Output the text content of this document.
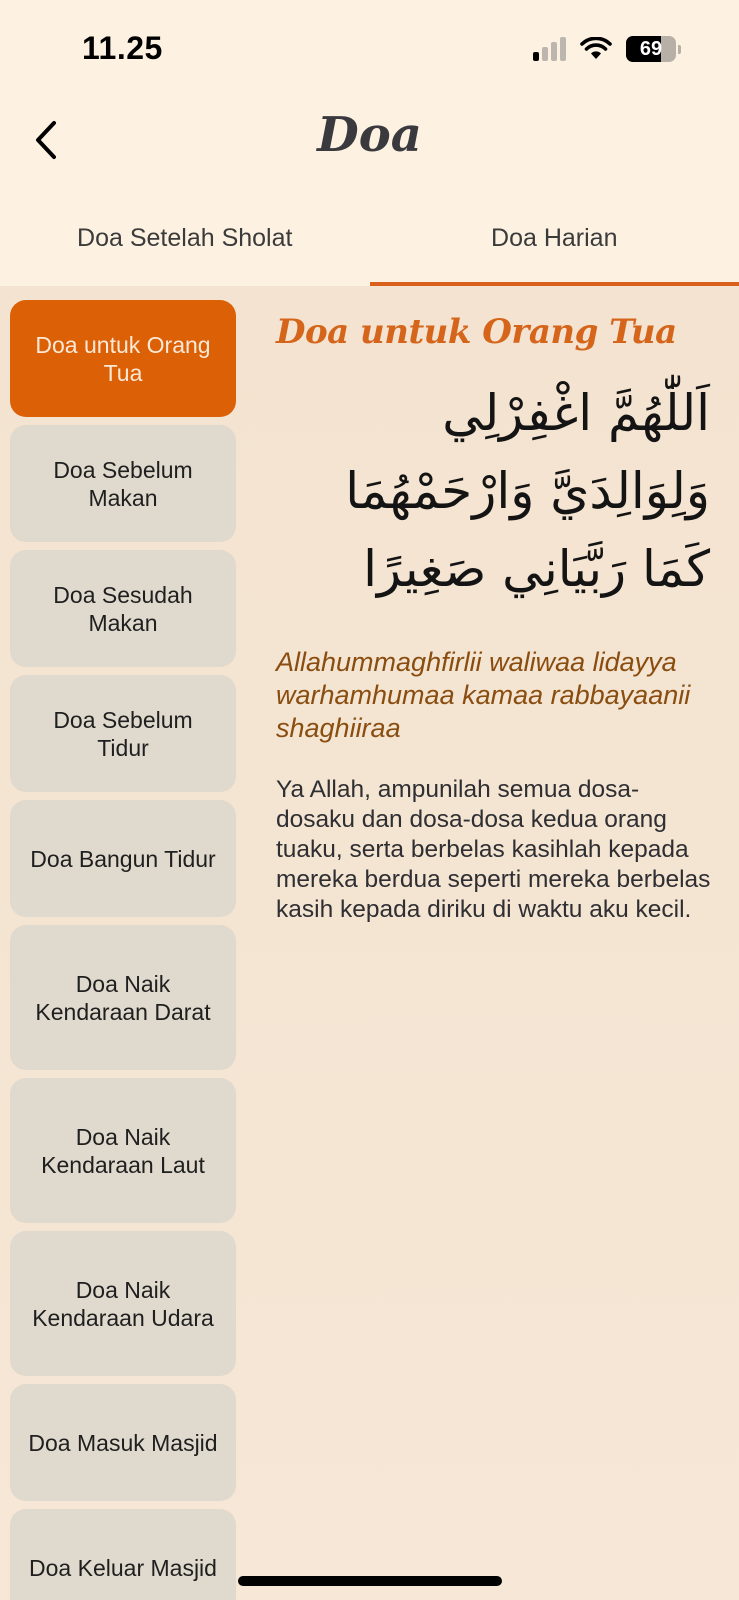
11.25	69
Doa
Doa Setelah Sholat	Doa Harian
Doa untuk Orang Tua
Doa Sebelum Makan
Doa Sesudah Makan
Doa Sebelum Tidur
Doa Bangun Tidur
Doa Naik Kendaraan Darat
Doa Naik Kendaraan Laut
Doa Naik Kendaraan Udara
Doa Masuk Masjid
Doa Keluar Masjid
Doa untuk Orang Tua
اَللّٰهُمَّ اغْفِرْلِي وَلِوَالِدَيَّ وَارْحَمْهُمَا كَمَا رَبَّيَانِي صَغِيرًا
Allahummaghfirlii waliwaa lidayya warhamhumaa kamaa rabbayaanii shaghiiraa
Ya Allah, ampunilah semua dosa-dosaku dan dosa-dosa kedua orang tuaku, serta berbelas kasihlah kepada mereka berdua seperti mereka berbelas kasih kepada diriku di waktu aku kecil.
